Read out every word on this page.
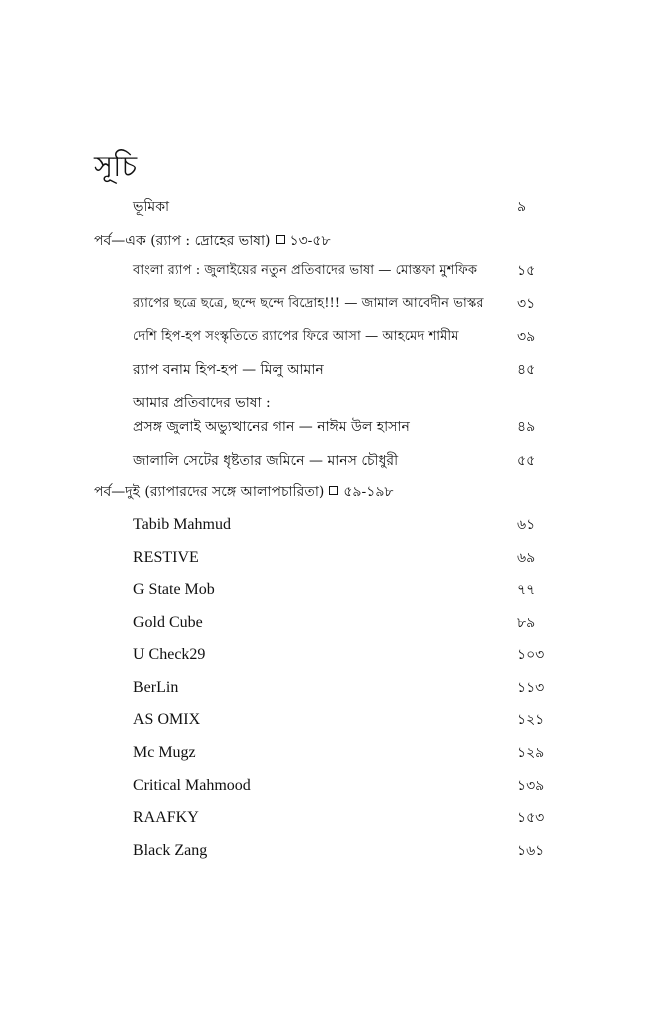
সূচি
ভূমিকা	৯
পর্ব—এক (র‍্যাপ : দ্রোহের ভাষা) ১৩-৫৮
বাংলা র‍্যাপ : জুলাইয়ের নতুন প্রতিবাদের ভাষা — মোস্তফা মুশফিক	১৫
র‍্যাপের ছত্রে ছত্রে, ছন্দে ছন্দে বিদ্রোহ!!! — জামাল আবেদীন ভাস্কর ৩১
দেশি হিপ-হপ সংস্কৃতিতে র‍্যাপের ফিরে আসা — আহমেদ শামীম	৩৯
র‍্যাপ বনাম হিপ-হপ — মিলু আমান	৪৫
আমার প্রতিবাদের ভাষা :
প্রসঙ্গ জুলাই অভ্যুত্থানের গান — নাঈম উল হাসান	৪৯
জালালি সেটের ধৃষ্টতার জমিনে — মানস চৌধুরী	৫৫
পর্ব—দুই (র‍্যাপারদের সঙ্গে আলাপচারিতা) ৫৯-১৯৮
Tabib Mahmud	৬১
RESTIVE	৬৯
G State Mob	৭৭
Gold Cube	৮৯
U Check29	১০৩
BerLin	১১৩
AS OMIX	১২১
Mc Mugz	১২৯
Critical Mahmood	১৩৯
RAAFKY	১৫৩
Black Zang	১৬১
